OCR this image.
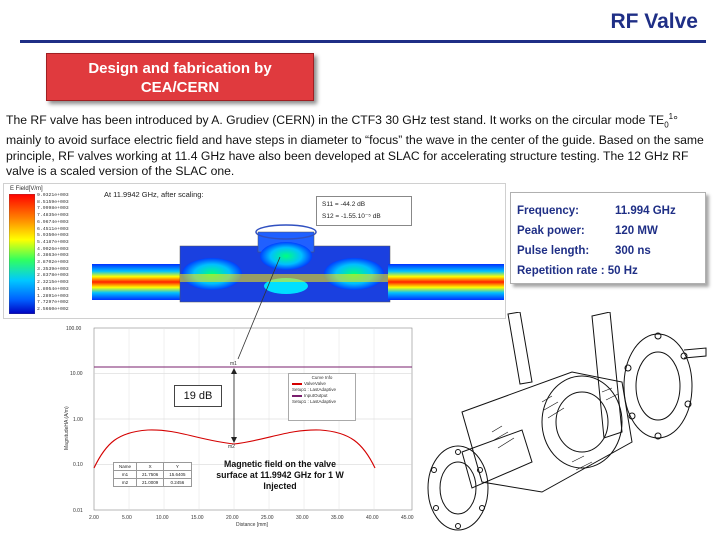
RF Valve
Design and fabrication by
CEA/CERN
The RF valve has been introduced by A. Grudiev (CERN) in the CTF3 30 GHz test stand. It works on the circular mode $TE_0^1^\circ$ mainly to avoid surface electric field and have steps in diameter to “focus” the wave in the center of the guide. Based on the same principle, RF valves working at 11.4 GHz have also been developed at SLAC for accelerating structure testing. The 12 GHz RF valve is a scaled version of the SLAC one.
E Field[V/m]
9.0321e+003
8.5159e+003
7.9998e+003
7.4835e+003
6.9674e+003
6.4511e+003
5.9350e+003
5.4187e+003
4.9026e+003
4.3863e+003
3.8702e+003
3.3539e+003
2.8378e+003
2.3215e+003
1.8054e+003
1.2891e+003
7.7297e+002
2.5660e+002
At 11.9942 GHz, after scaling:
S11 = -44.2 dB
S12 = -1.55.10⁻⁵ dB	Frequency:	11.994 GHz
Peak power:	120 MW
Pulse length:	300 ns
Repetition rate : 50 Hz
m1
m2
100.00
10.00
1.00
0.10
0.01
2.00	5.00	10.00	15.00	20.00	25.00	30.00	35.00	40.00	45.00
Distance [mm]
MagnitudeHA (A/m)
19 dB
Curve Info
ValveValve
Setup1 : LastAdaptive
InputOutput
Setup1 : LastAdaptive
Name	X	Y
m1	21.7506	15.6405
m2	21.0009	0.2456
Magnetic field on the valve
surface at 11.9942 GHz for 1 W
Injected
